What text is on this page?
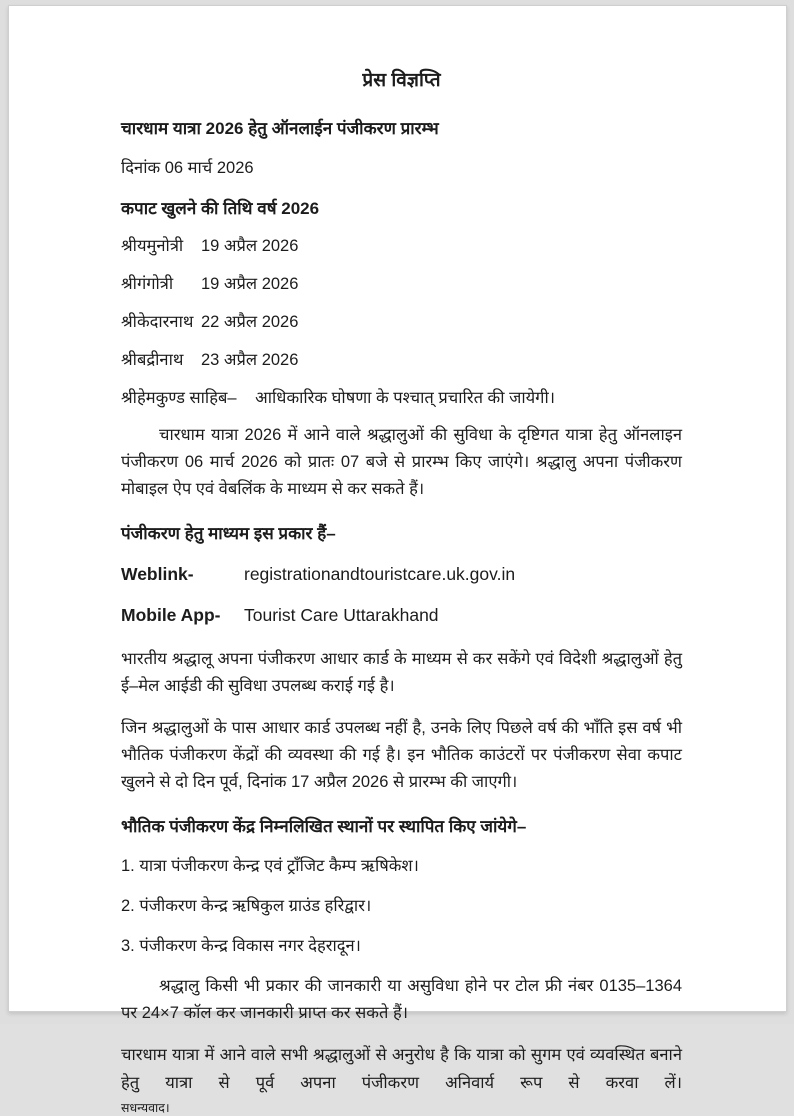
प्रेस विज्ञप्ति
चारधाम यात्रा 2026 हेतु ऑनलाईन पंजीकरण प्रारम्भ
दिनांक 06 मार्च 2026
कपाट खुलने की तिथि वर्ष 2026
श्रीयमुनोत्री	19 अप्रैल 2026
श्रीगंगोत्री	19 अप्रैल 2026
श्रीकेदारनाथ 22 अप्रैल 2026
श्रीबद्रीनाथ	23 अप्रैल 2026
श्रीहेमकुण्ड साहिब– आधिकारिक घोषणा के पश्चात् प्रचारित की जायेगी।

चारधाम यात्रा 2026 में आने वाले श्रद्धालुओं की सुविधा के दृष्टिगत यात्रा हेतु ऑनलाइन पंजीकरण 06 मार्च 2026 को प्रातः 07 बजे से प्रारम्भ किए जाएंगे। श्रद्धालु अपना पंजीकरण मोबाइल ऐप एवं वेबलिंक के माध्यम से कर सकते हैं।

पंजीकरण हेतु माध्यम इस प्रकार हैं–
Weblink-	registrationandtouristcare.uk.gov.in
Mobile App-	Tourist Care Uttarakhand

भारतीय श्रद्धालू अपना पंजीकरण आधार कार्ड के माध्यम से कर सकेंगे एवं विदेशी श्रद्धालुओं हेतु ई–मेल आईडी की सुविधा उपलब्ध कराई गई है।

जिन श्रद्धालुओं के पास आधार कार्ड उपलब्ध नहीं है, उनके लिए पिछले वर्ष की भाँति इस वर्ष भी भौतिक पंजीकरण केंद्रों की व्यवस्था की गई है। इन भौतिक काउंटरों पर पंजीकरण सेवा कपाट खुलने से दो दिन पूर्व, दिनांक 17 अप्रैल 2026 से प्रारम्भ की जाएगी।

भौतिक पंजीकरण केंद्र निम्नलिखित स्थानों पर स्थापित किए जांयेगे–
1. यात्रा पंजीकरण केन्द्र एवं ट्रॉंजिट कैम्प ऋषिकेश।
2. पंजीकरण केन्द्र ऋषिकुल ग्राउंड हरिद्वार।
3. पंजीकरण केन्द्र विकास नगर देहरादून।

श्रद्धालु किसी भी प्रकार की जानकारी या असुविधा होने पर टोल फ्री नंबर 0135–1364 पर 24×7 कॉल कर जानकारी प्राप्त कर सकते हैं।

चारधाम यात्रा में आने वाले सभी श्रद्धालुओं से अनुरोध है कि यात्रा को सुगम एवं व्यवस्थित बनाने हेतु यात्रा से पूर्व अपना पंजीकरण अनिवार्य रूप से करवा लें।

सधन्यवाद।
